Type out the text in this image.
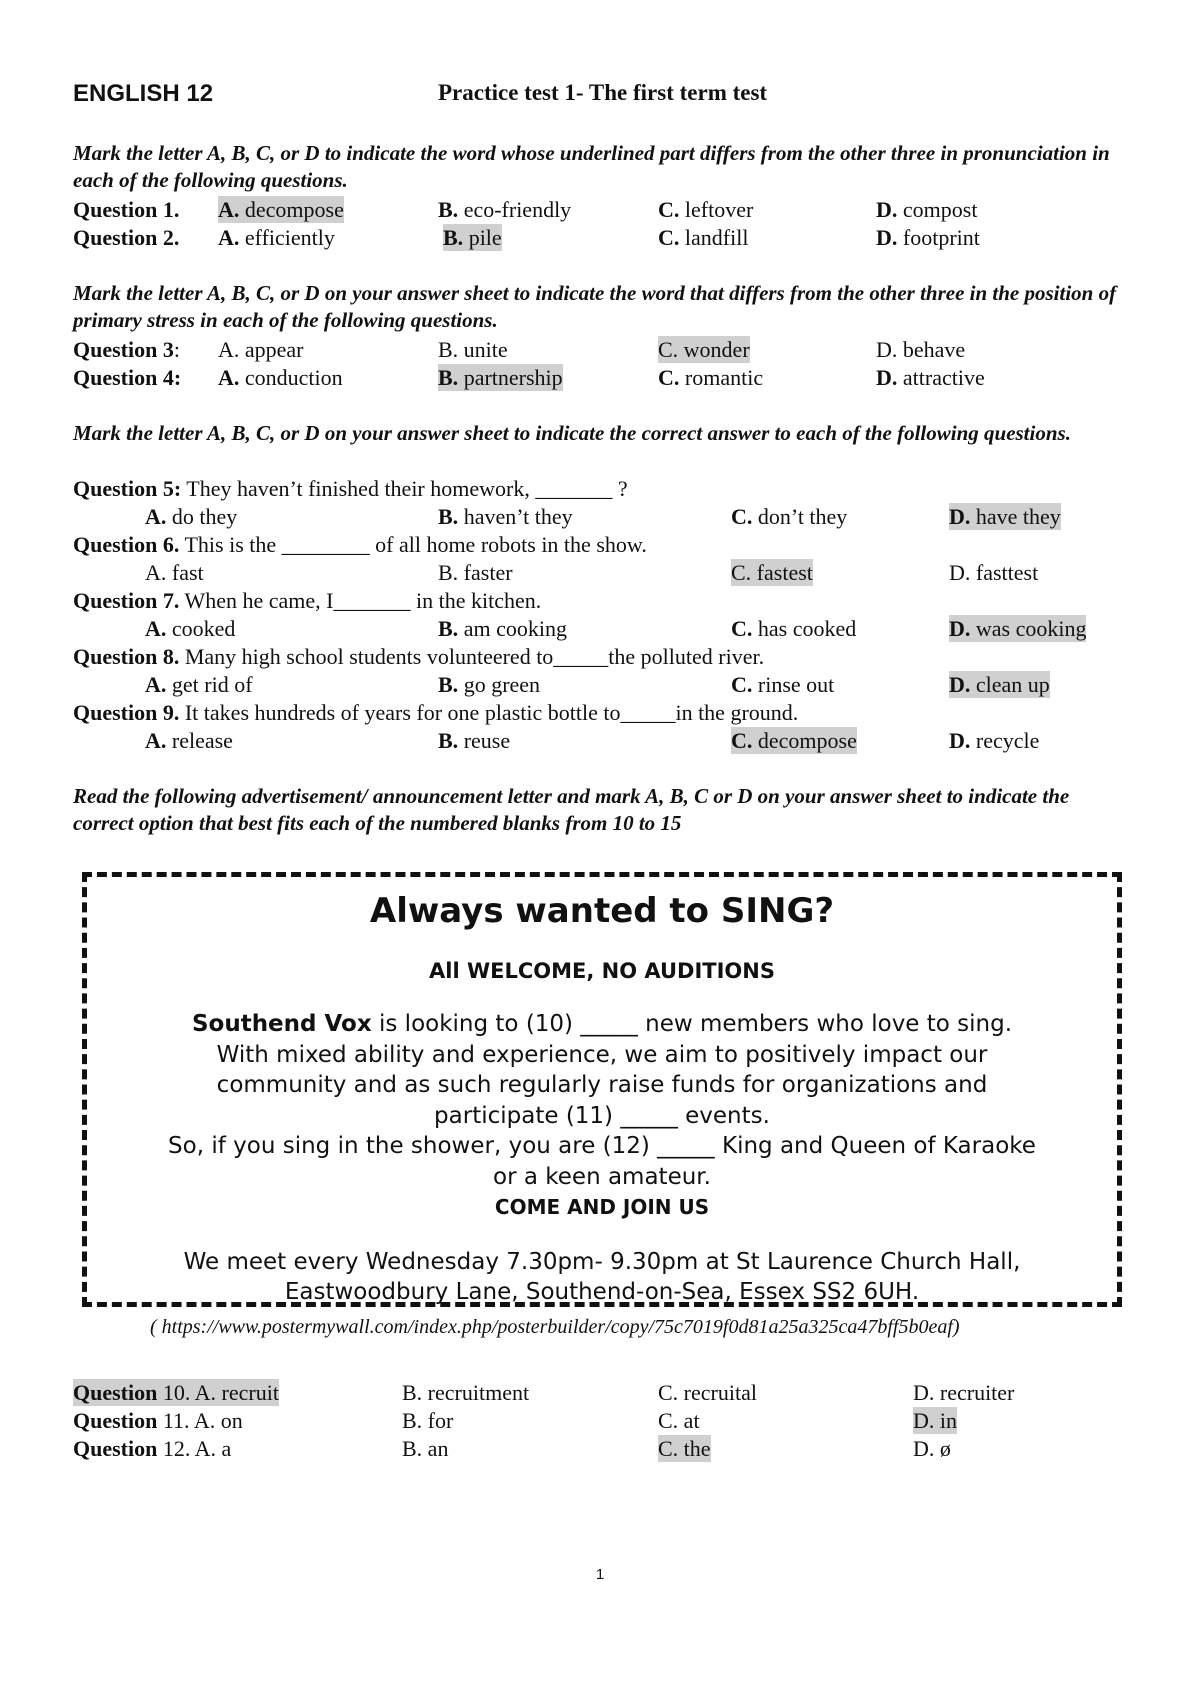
ENGLISH 12	Practice test 1- The first term test
Mark the letter A, B, C, or D to indicate the word whose underlined part differs from the other three in pronunciation in each of the following questions.
Question 1. A. decompose	B. eco-friendly	C. leftover	D. compost
Question 2. A. efficiently	B. pile	C. landfill	D. footprint
Mark the letter A, B, C, or D on your answer sheet to indicate the word that differs from the other three in the position of primary stress in each of the following questions.
Question 3: A. appear	B. unite	C. wonder	D. behave
Question 4: A. conduction	B. partnership	C. romantic	D. attractive
Mark the letter A, B, C, or D on your answer sheet to indicate the correct answer to each of the following questions.
Question 5: They haven’t finished their homework, _______ ?
A. do they	B. haven’t they	C. don’t they	D. have they
Question 6. This is the ________ of all home robots in the show.
A. fast	B. faster	C. fastest	D. fasttest
Question 7. When he came, I_______ in the kitchen.
A. cooked	B. am cooking	C. has cooked	D. was cooking
Question 8. Many high school students volunteered to_____the polluted river.
A. get rid of	B. go green	C. rinse out	D. clean up
Question 9. It takes hundreds of years for one plastic bottle to_____in the ground.
A. release	B. reuse	C. decompose	D. recycle
Read the following advertisement/ announcement letter and mark A, B, C or D on your answer sheet to indicate the correct option that best fits each of the numbered blanks from 10 to 15
Always wanted to SING?
All WELCOME, NO AUDITIONS
Southend Vox is looking to (10) _____ new members who love to sing.
With mixed ability and experience, we aim to positively impact our
community and as such regularly raise funds for organizations and
participate (11) _____ events.
So, if you sing in the shower, you are (12) _____ King and Queen of Karaoke
or a keen amateur.
COME AND JOIN US
We meet every Wednesday 7.30pm- 9.30pm at St Laurence Church Hall,
Eastwoodbury Lane, Southend-on-Sea, Essex SS2 6UH.
( https://www.postermywall.com/index.php/posterbuilder/copy/75c7019f0d81a25a325ca47bff5b0eaf)
Question 10. A. recruit	B. recruitment	C. recruital	D. recruiter
Question 11. A. on	B. for	C. at	D. in
Question 12. A. a	B. an	C. the	D. ø
1
